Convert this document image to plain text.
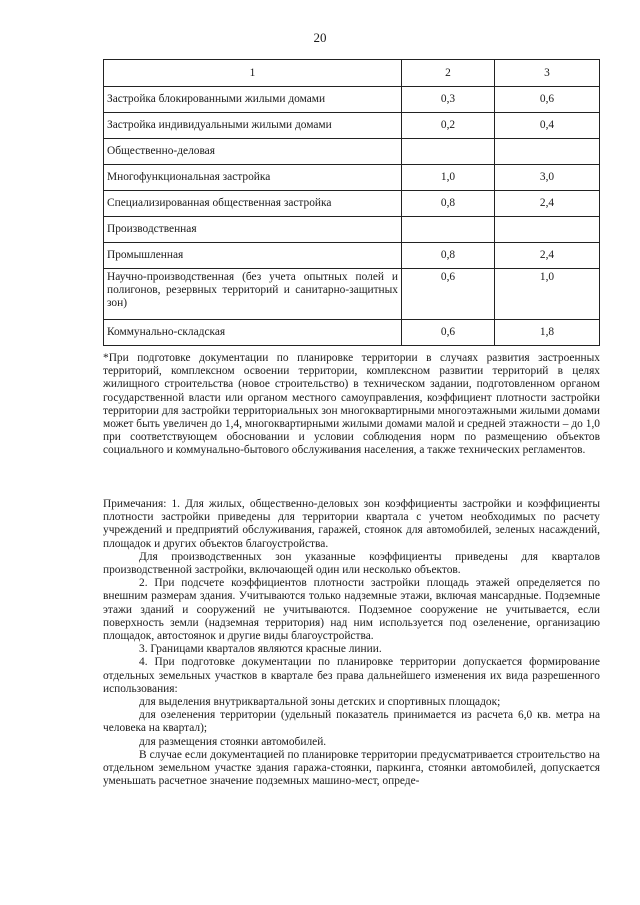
20
1	2	3
Застройка блокированными жилыми домами	0,3	0,6
Застройка индивидуальными жилыми домами	0,2	0,4
Общественно-деловая		
Многофункциональная застройка	1,0	3,0
Специализированная общественная застройка	0,8	2,4
Производственная		
Промышленная	0,8	2,4
Научно-производственная (без учета опытных полей и полигонов, резервных территорий и санитарно-защитных зон)	0,6	1,0
Коммунально-складская	0,6	1,8

*При подготовке документации по планировке территории в случаях развития застроенных территорий, комплексном освоении территории, комплексном развитии территорий в целях жилищного строительства (новое строительство) в техническом задании, подготовленном органом государственной власти или органом местного самоуправления, коэффициент плотности застройки территории для застройки территориальных зон многоквартирными многоэтажными жилыми домами может быть увеличен до 1,4, многоквартирными жилыми домами малой и средней этажности – до 1,0 при соответствующем обосновании и условии соблюдения норм по размещению объектов социального и коммунально-бытового обслуживания населения, а также технических регламентов.

Примечания: 1. Для жилых, общественно-деловых зон коэффициенты застройки и коэффициенты плотности застройки приведены для территории квартала с учетом необходимых по расчету учреждений и предприятий обслуживания, гаражей, стоянок для автомобилей, зеленых насаждений, площадок и других объектов благоустройства.

Для производственных зон указанные коэффициенты приведены для кварталов производственной застройки, включающей один или несколько объектов.

2. При подсчете коэффициентов плотности застройки площадь этажей определяется по внешним размерам здания. Учитываются только надземные этажи, включая мансардные. Подземные этажи зданий и сооружений не учитываются. Подземное сооружение не учитывается, если поверхность земли (надземная территория) над ним используется под озеленение, организацию площадок, автостоянок и другие виды благоустройства.

3. Границами кварталов являются красные линии.

4. При подготовке документации по планировке территории допускается формирование отдельных земельных участков в квартале без права дальнейшего изменения их вида разрешенного использования:

для выделения внутриквартальной зоны детских и спортивных площадок;

для озеленения территории (удельный показатель принимается из расчета 6,0 кв. метра на человека на квартал);

для размещения стоянки автомобилей.

В случае если документацией по планировке территории предусматривается строительство на отдельном земельном участке здания гаража-стоянки, паркинга, стоянки автомобилей, допускается уменьшать расчетное значение подземных машино-мест, опреде-
